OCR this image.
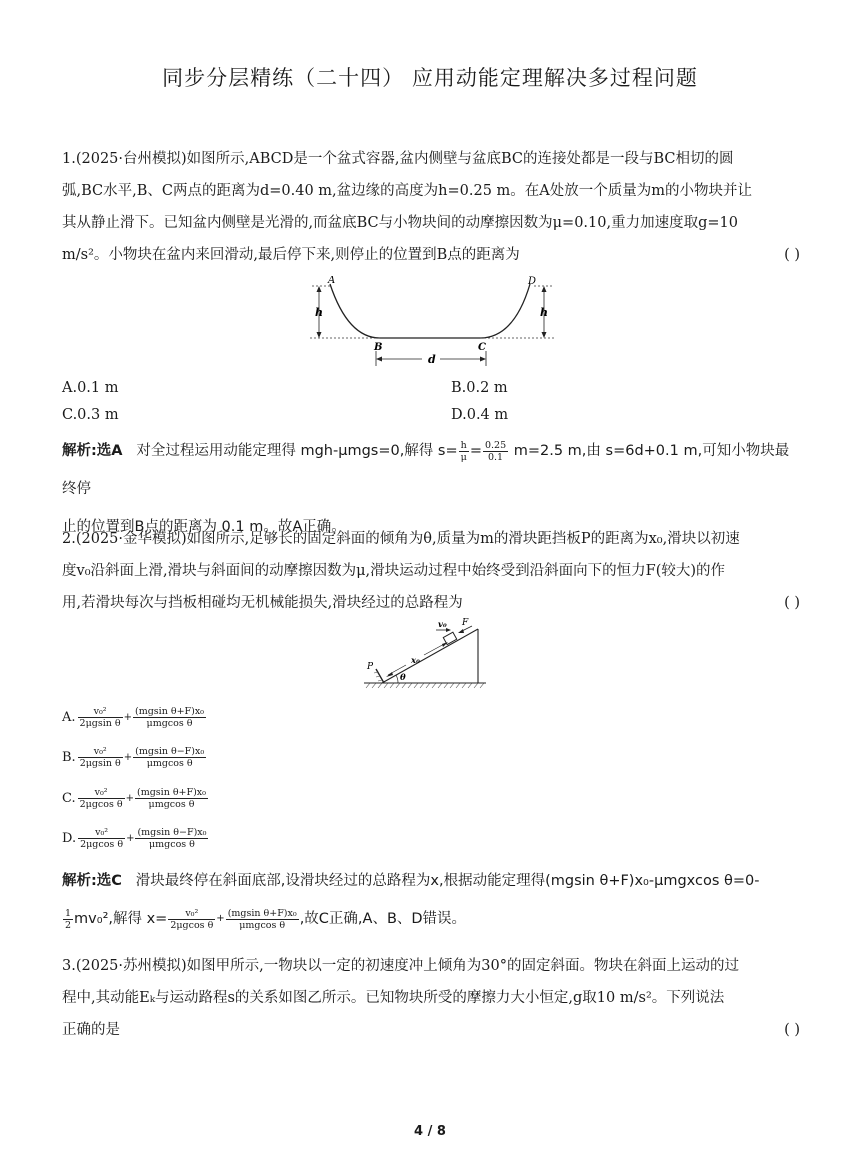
同步分层精练（二十四） 应用动能定理解决多过程问题
1.(2025·台州模拟)如图所示,ABCD是一个盆式容器,盆内侧壁与盆底BC的连接处都是一段与BC相切的圆
弧,BC水平,B、C两点的距离为d=0.40 m,盆边缘的高度为h=0.25 m。在A处放一个质量为m的小物块并让
其从静止滑下。已知盆内侧壁是光滑的,而盆底BC与小物块间的动摩擦因数为μ=0.10,重力加速度取g=10
m/s²。小物块在盆内来回滑动,最后停下来,则停止的位置到B点的距离为	( )
A	D
B	C
h	h
d
A.0.1 m	B.0.2 m
C.0.3 m	D.0.4 m
解析:选A 对全过程运用动能定理得 mgh-μmgs=0,解得 $s= \frac{h}{\mu} = \frac{0.25}{0.1} m=2.5$ m,由 s=6d+0.1 m,可知小物块最终停
止的位置到B点的距离为 0.1 m。故A正确。
2.(2025·金华模拟)如图所示,足够长的固定斜面的倾角为θ,质量为m的滑块距挡板P的距离为x₀,滑块以初速
度v₀沿斜面上滑,滑块与斜面间的动摩擦因数为μ,滑块运动过程中始终受到沿斜面向下的恒力F(较大)的作
用,若滑块每次与挡板相碰均无机械能损失,滑块经过的总路程为	( )
v₀ F
x₀
P
θ
A. $\frac{\text{v₀²}}{\text{2μgsin θ}} + \frac{\text{(mgsin θ+F)x₀}}{\text{μmgcos θ}}$
B. $\frac{\text{v₀²}}{\text{2μgsin θ}} + \frac{\text{(mgsin θ−F)x₀}}{\text{μmgcos θ}}$
C. $\frac{\text{v₀²}}{\text{2μgcos θ}} + \frac{\text{(mgsin θ+F)x₀}}{\text{μmgcos θ}}$
D. $\frac{\text{v₀²}}{\text{2μgcos θ}} + \frac{\text{(mgsin θ−F)x₀}}{\text{μmgcos θ}}$
解析:选C 滑块最终停在斜面底部,设滑块经过的总路程为x,根据动能定理得(mgsin θ+F)x₀-μmgxcos θ=0-
$\frac{1}{2} mv_0^2$,解得 $x= \frac{\text{v₀²}}{\text{2μgcos θ}} + \frac{\text{(mgsin θ+F)x₀}}{\text{μmgcos θ}}$ ,故C正确,A、B、D错误。
3.(2025·苏州模拟)如图甲所示,一物块以一定的初速度冲上倾角为30°的固定斜面。物块在斜面上运动的过
程中,其动能Eₖ与运动路程s的关系如图乙所示。已知物块所受的摩擦力大小恒定,g取10 m/s²。下列说法
正确的是	( )
4 / 8
